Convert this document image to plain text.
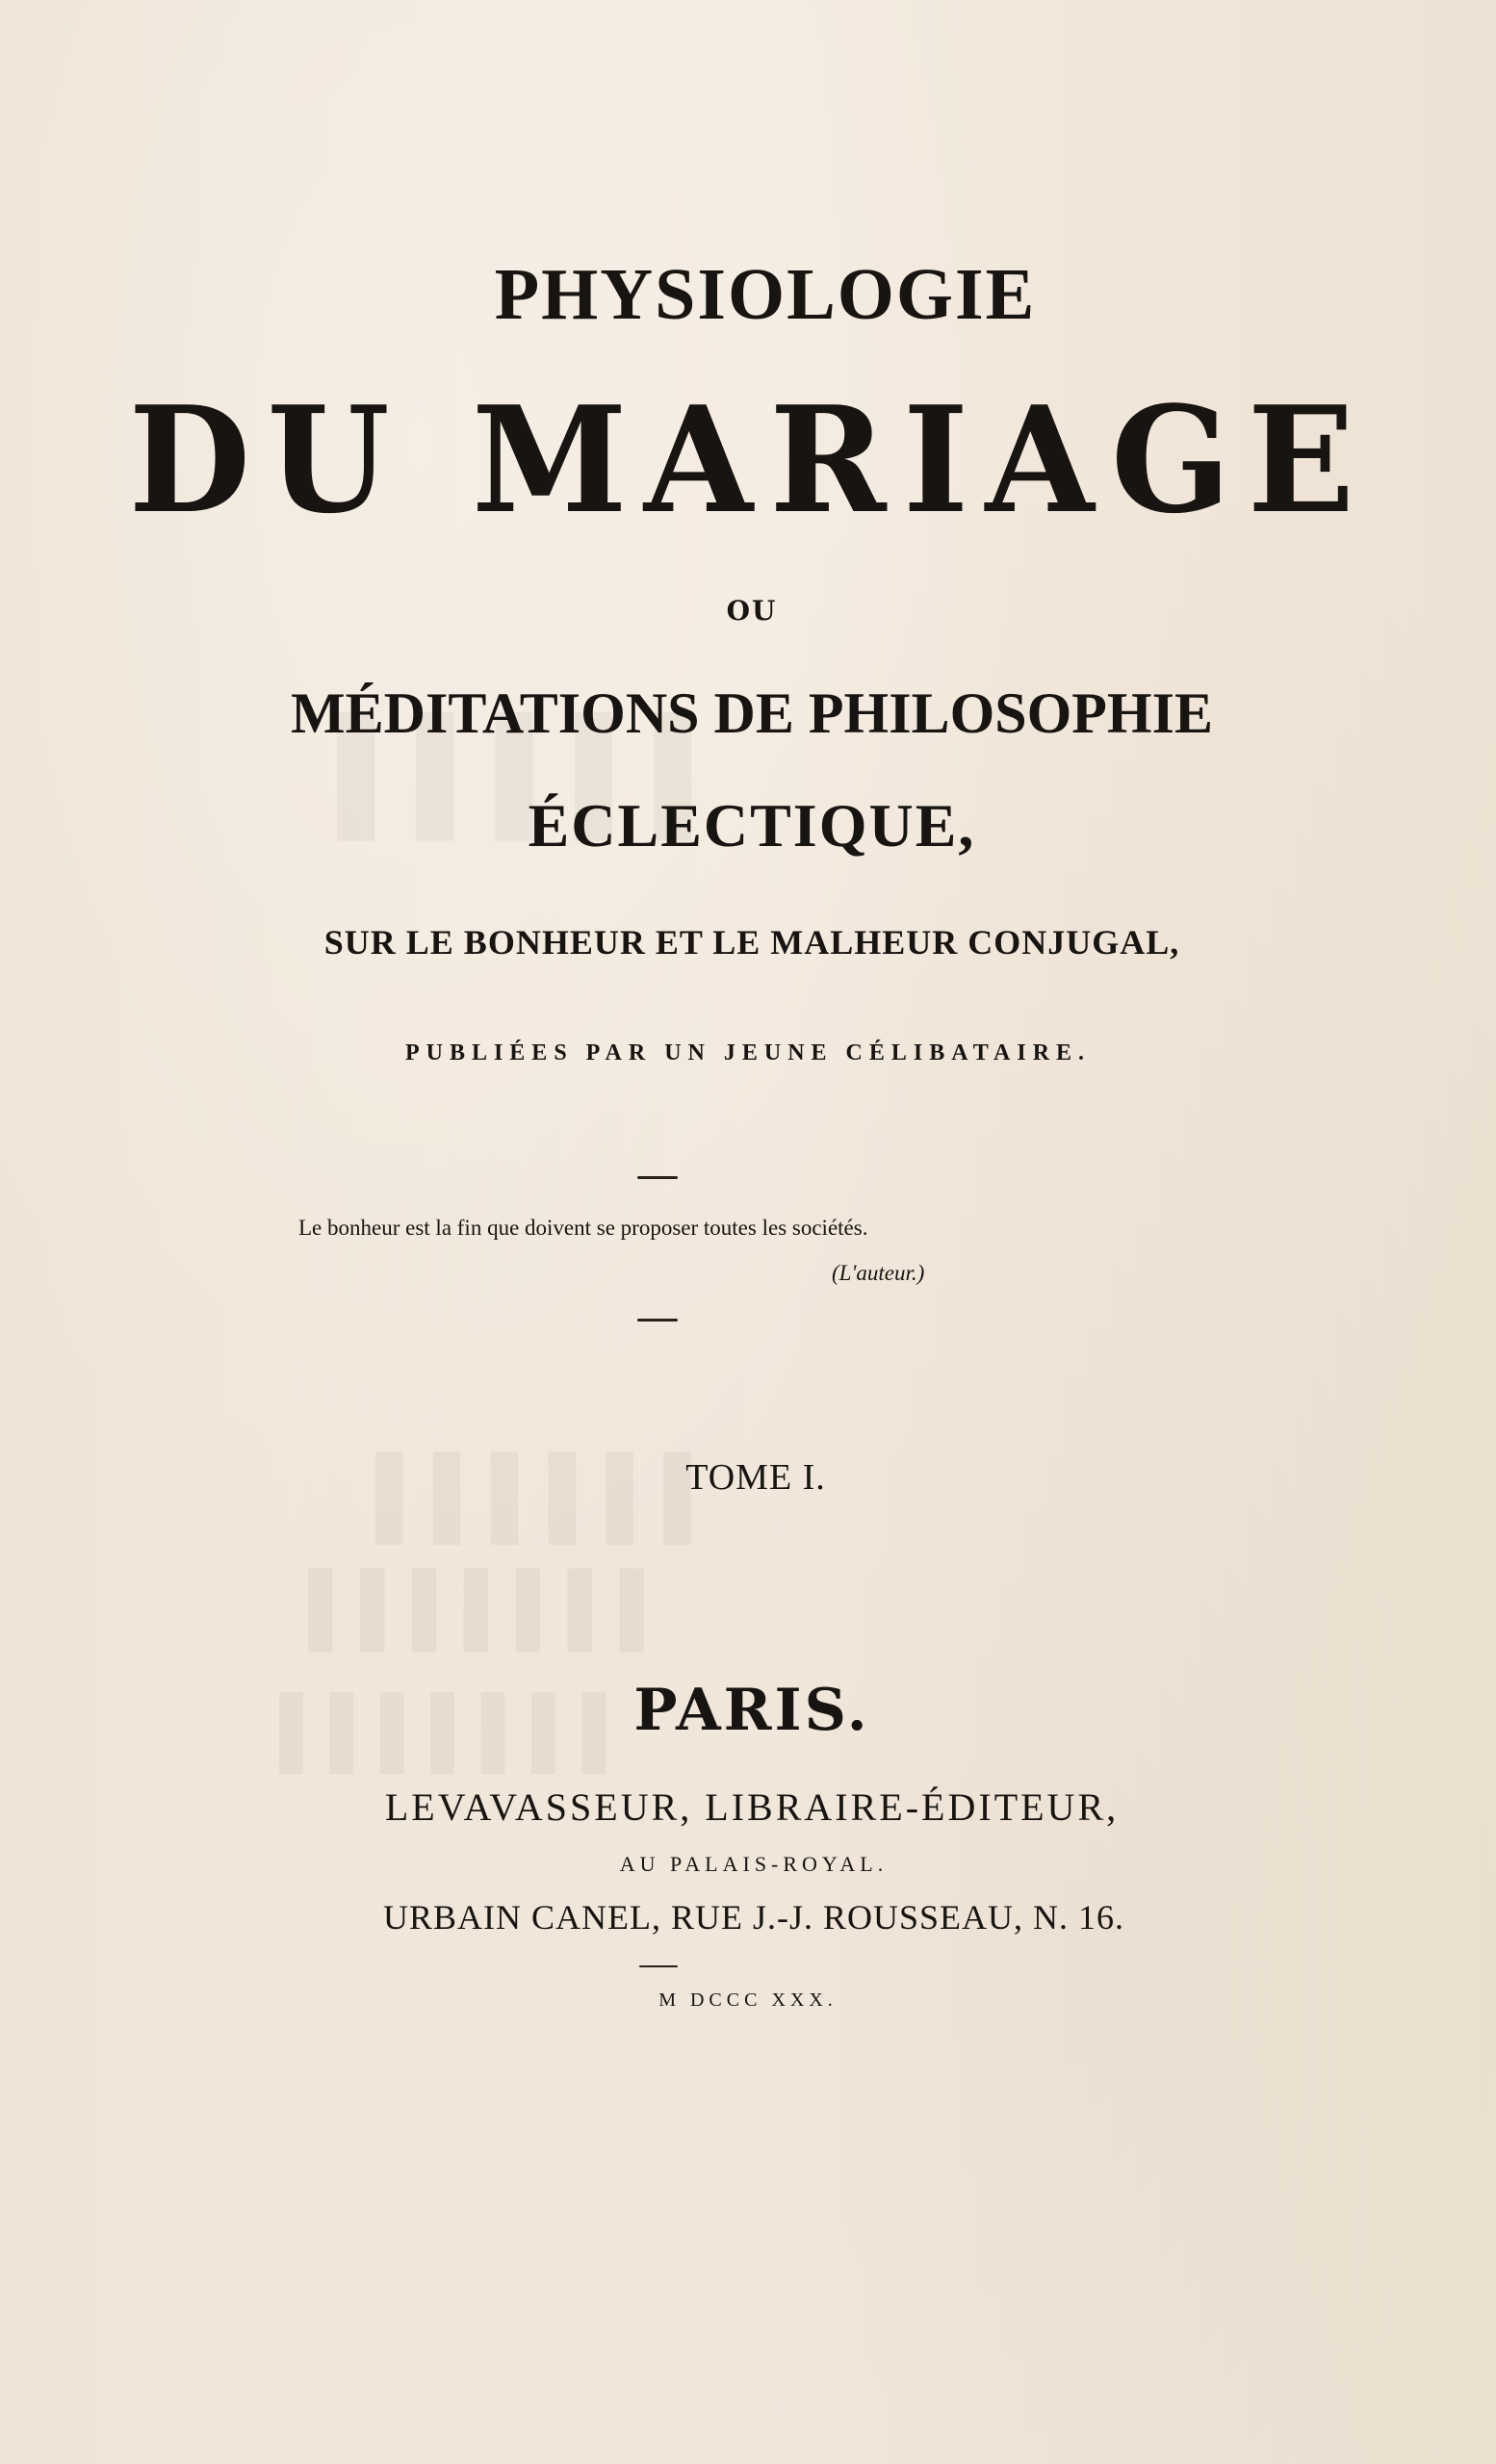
▌▌▌▌▌
▌▌▌▌▌▌
▌▌▌▌▌▌▌
▌▌▌▌▌▌▌
PHYSIOLOGIE
DU MARIAGE
OU
MÉDITATIONS DE PHILOSOPHIE
ÉCLECTIQUE,
SUR LE BONHEUR ET LE MALHEUR CONJUGAL,
PUBLIÉES PAR UN JEUNE CÉLIBATAIRE.
Le bonheur est la fin que doivent se proposer toutes les sociétés.
(L'auteur.)
TOME I.
PARIS.
LEVAVASSEUR, LIBRAIRE-ÉDITEUR,
AU PALAIS-ROYAL.
URBAIN CANEL, RUE J.-J. ROUSSEAU, N. 16.
M DCCC XXX.
